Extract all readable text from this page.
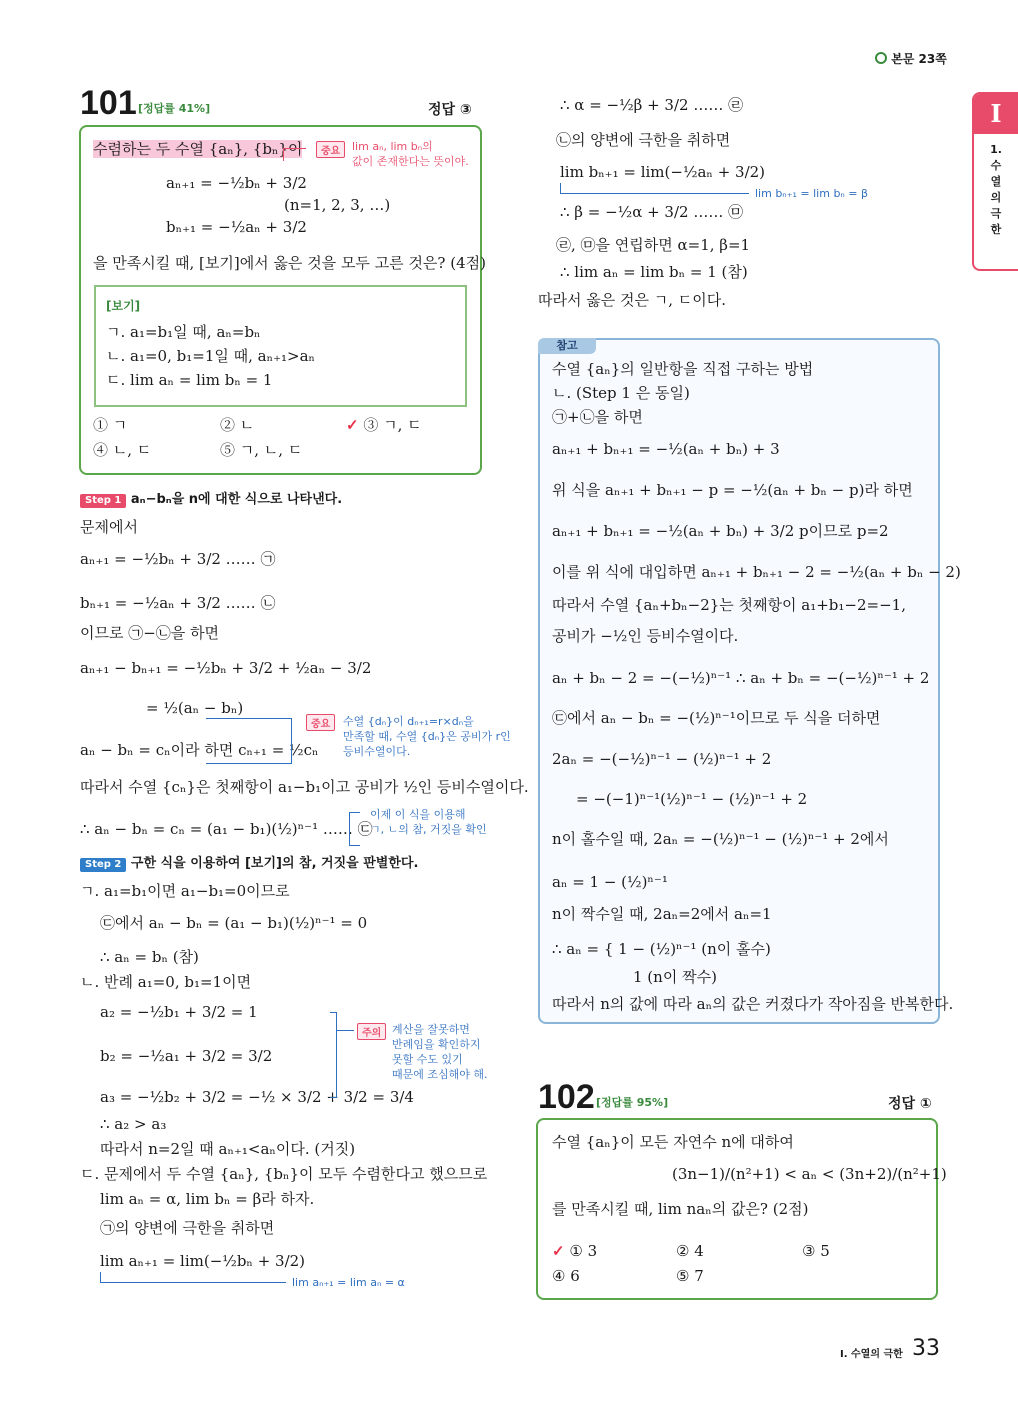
본문 23쪽
I
1.
수
열
의
극
한
101 [정답률 41%]	정답 ③
수렴하는 두 수열 {aₙ}, {bₙ}이	중요	lim aₙ, lim bₙ의
값이 존재한다는 뜻이야.
aₙ₊₁ = −½bₙ + 3/2
(n=1, 2, 3, …)
bₙ₊₁ = −½aₙ + 3/2
을 만족시킬 때, [보기]에서 옳은 것을 모두 고른 것은? (4점)
[보기]
ㄱ. a₁=b₁일 때, aₙ=bₙ
ㄴ. a₁=0, b₁=1일 때, aₙ₊₁>aₙ
ㄷ. lim aₙ = lim bₙ = 1
① ㄱ	② ㄴ	✓ ③ ㄱ, ㄷ
④ ㄴ, ㄷ	⑤ ㄱ, ㄴ, ㄷ
Step 1 aₙ−bₙ을 n에 대한 식으로 나타낸다.
문제에서
aₙ₊₁ = −½bₙ + 3/2 …… ㉠
bₙ₊₁ = −½aₙ + 3/2 …… ㉡
이므로 ㉠−㉡을 하면
aₙ₊₁ − bₙ₊₁ = −½bₙ + 3/2 + ½aₙ − 3/2
= ½(aₙ − bₙ)
aₙ − bₙ = cₙ이라 하면 cₙ₊₁ = ½cₙ
중요	수열 {dₙ}이 dₙ₊₁=r×dₙ을
만족할 때, 수열 {dₙ}은 공비가 r인
등비수열이다.
따라서 수열 {cₙ}은 첫째항이 a₁−b₁이고 공비가 ½인 등비수열이다.
∴ aₙ − bₙ = cₙ = (a₁ − b₁)(½)ⁿ⁻¹ …… ㉢
이제 이 식을 이용해
ㄱ, ㄴ의 참, 거짓을 확인
Step 2 구한 식을 이용하여 [보기]의 참, 거짓을 판별한다.
ㄱ. a₁=b₁이면 a₁−b₁=0이므로
㉢에서 aₙ − bₙ = (a₁ − b₁)(½)ⁿ⁻¹ = 0
∴ aₙ = bₙ (참)
ㄴ. 반례 a₁=0, b₁=1이면
a₂ = −½b₁ + 3/2 = 1
b₂ = −½a₁ + 3/2 = 3/2
a₃ = −½b₂ + 3/2 = −½ × 3/2 + 3/2 = 3/4
주의 계산을 잘못하면
반례임을 확인하지
못할 수도 있기
때문에 조심해야 해.
∴ a₂ > a₃
따라서 n=2일 때 aₙ₊₁<aₙ이다. (거짓)
ㄷ. 문제에서 두 수열 {aₙ}, {bₙ}이 모두 수렴한다고 했으므로
lim aₙ = α, lim bₙ = β라 하자.
㉠의 양변에 극한을 취하면
lim aₙ₊₁ = lim(−½bₙ + 3/2)
lim aₙ₊₁ = lim aₙ = α
∴ α = −½β + 3/2 …… ㉣
㉡의 양변에 극한을 취하면
lim bₙ₊₁ = lim(−½aₙ + 3/2)
lim bₙ₊₁ = lim bₙ = β
∴ β = −½α + 3/2 …… ㉤
㉣, ㉤을 연립하면 α=1, β=1
∴ lim aₙ = lim bₙ = 1 (참)
따라서 옳은 것은 ㄱ, ㄷ이다.
참고
수열 {aₙ}의 일반항을 직접 구하는 방법
ㄴ. (Step 1 은 동일)
㉠+㉡을 하면
aₙ₊₁ + bₙ₊₁ = −½(aₙ + bₙ) + 3
위 식을 aₙ₊₁ + bₙ₊₁ − p = −½(aₙ + bₙ − p)라 하면
aₙ₊₁ + bₙ₊₁ = −½(aₙ + bₙ) + 3/2 p이므로 p=2
이를 위 식에 대입하면 aₙ₊₁ + bₙ₊₁ − 2 = −½(aₙ + bₙ − 2)
따라서 수열 {aₙ+bₙ−2}는 첫째항이 a₁+b₁−2=−1,
공비가 −½인 등비수열이다.
aₙ + bₙ − 2 = −(−½)ⁿ⁻¹ ∴ aₙ + bₙ = −(−½)ⁿ⁻¹ + 2
㉢에서 aₙ − bₙ = −(½)ⁿ⁻¹이므로 두 식을 더하면
2aₙ = −(−½)ⁿ⁻¹ − (½)ⁿ⁻¹ + 2
= −(−1)ⁿ⁻¹(½)ⁿ⁻¹ − (½)ⁿ⁻¹ + 2
n이 홀수일 때, 2aₙ = −(½)ⁿ⁻¹ − (½)ⁿ⁻¹ + 2에서
aₙ = 1 − (½)ⁿ⁻¹
n이 짝수일 때, 2aₙ=2에서 aₙ=1
∴ aₙ = { 1 − (½)ⁿ⁻¹ (n이 홀수)
1 (n이 짝수)
따라서 n의 값에 따라 aₙ의 값은 커졌다가 작아짐을 반복한다.
102 [정답률 95%]	정답 ①
수열 {aₙ}이 모든 자연수 n에 대하여
(3n−1)/(n²+1) < aₙ < (3n+2)/(n²+1)
를 만족시킬 때, lim naₙ의 값은? (2점)
✓ ① 3	② 4	③ 5
④ 6	⑤ 7
I. 수열의 극한 33
